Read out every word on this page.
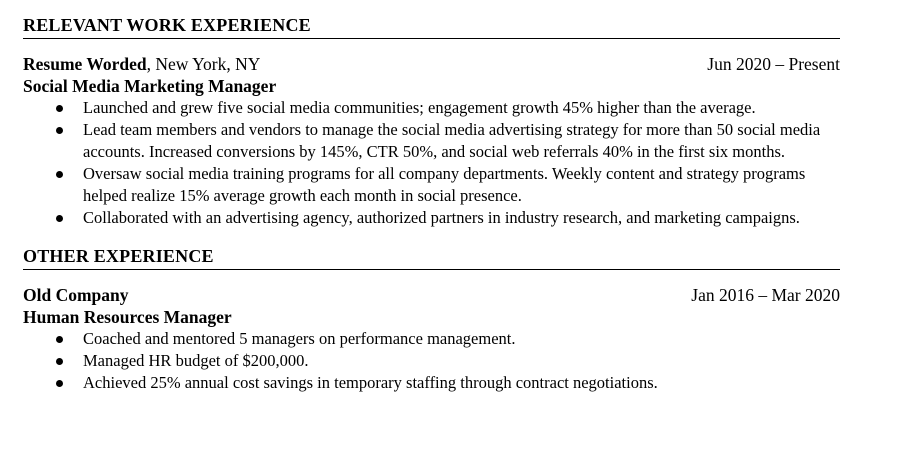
RELEVANT WORK EXPERIENCE
Resume Worded, New York, NY	Jun 2020 – Present
Social Media Marketing Manager
Launched and grew five social media communities; engagement growth 45% higher than the average.
Lead team members and vendors to manage the social media advertising strategy for more than 50 social media accounts. Increased conversions by 145%, CTR 50%, and social web referrals 40% in the first six months.
Oversaw social media training programs for all company departments. Weekly content and strategy programs helped realize 15% average growth each month in social presence.
Collaborated with an advertising agency, authorized partners in industry research, and marketing campaigns.
OTHER EXPERIENCE
Old Company	Jan 2016 – Mar 2020
Human Resources Manager
Coached and mentored 5 managers on performance management.
Managed HR budget of $200,000.
Achieved 25% annual cost savings in temporary staffing through contract negotiations.
